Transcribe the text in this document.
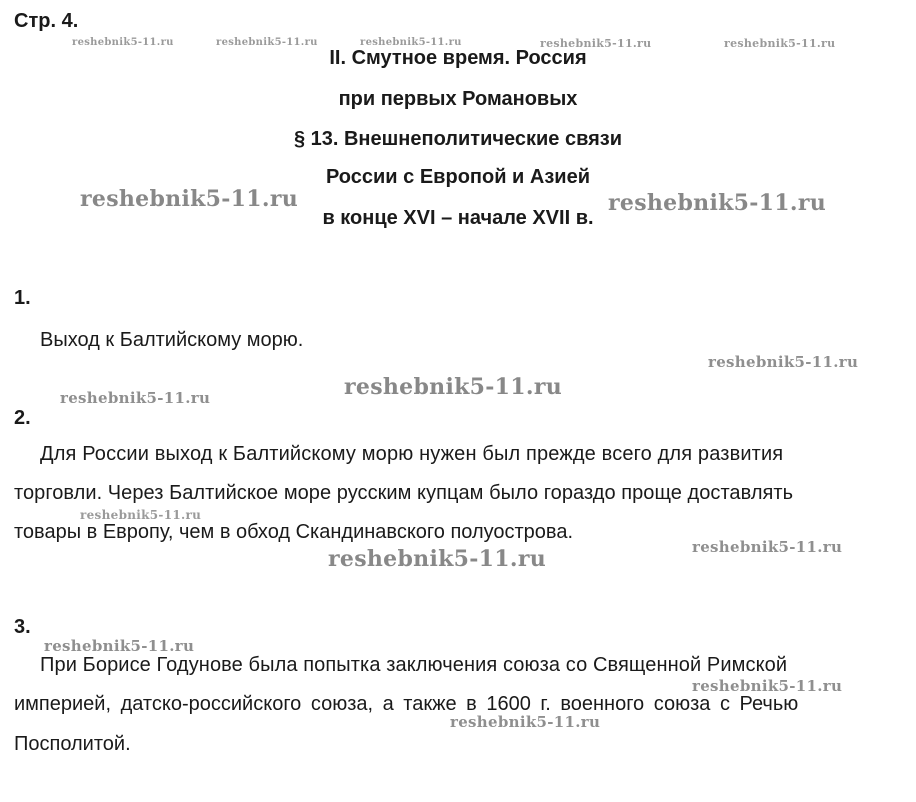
Стр. 4.
II. Смутное время. Россия
при первых Романовых
§ 13. Внешнеполитические связи
России с Европой и Азией
в конце XVI – начале XVII в.
1.
Выход к Балтийскому морю.
2.
Для России выход к Балтийскому морю нужен был прежде всего для развития
торговли. Через Балтийское море русским купцам было гораздо проще доставлять
товары в Европу, чем в обход Скандинавского полуострова.
3.
При Борисе Годунове была попытка заключения союза со Священной Римской
империей, датско-российского союза, а также в 1600 г. военного союза с Речью
Посполитой.
reshebnik5-11.ru	reshebnik5-11.ru	reshebnik5-11.ru	reshebnik5-11.ru	reshebnik5-11.ru
reshebnik5-11.ru	reshebnik5-11.ru
reshebnik5-11.ru
reshebnik5-11.ru
reshebnik5-11.ru
reshebnik5-11.ru
reshebnik5-11.ru
reshebnik5-11.ru
reshebnik5-11.ru
reshebnik5-11.ru
reshebnik5-11.ru
